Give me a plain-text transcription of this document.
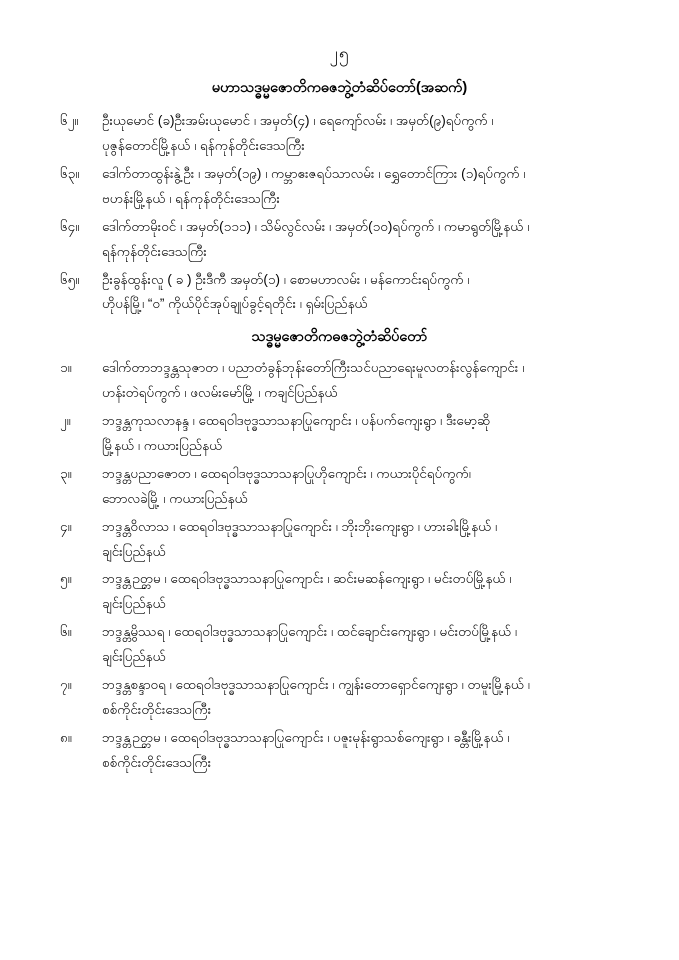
၂၅
မဟာသဒ္ဓမ္မဇောတိကဓဇဘွဲ့တံဆိပ်တော်(အဆက်)
၆၂။	ဦးယုမောင် (ခ)ဦးအမ်းယုမောင် ၊ အမှတ်(၄) ၊ ရေကျော်လမ်း ၊ အမှတ်(၉)ရပ်ကွက် ၊
ပုဇွန်တောင်မြို့နယ် ၊ ရန်ကုန်တိုင်းဒေသကြီး
၆၃။	ဒေါက်တာထွန်းနွဲ့ဦး ၊ အမှတ်(၁၉) ၊ ကမ္ဘာဧးဇရပ်သာလမ်း ၊ ရွှေတောင်ကြား (၁)ရပ်ကွက် ၊
ဗဟန်းမြို့နယ် ၊ ရန်ကုန်တိုင်းဒေသကြီး
၆၄။	ဒေါက်တာမိုးဝင် ၊ အမှတ်(၁၁၁) ၊ သိမ်လွင်လမ်း ၊ အမှတ်(၁၀)ရပ်ကွက် ၊ ကမာရွတ်မြို့နယ် ၊
ရန်ကုန်တိုင်းဒေသကြီး
၆၅။	ဦးခွန်ထွန်းလူ ( ခ ) ဦးဒီကီ အမှတ်(၁) ၊ စောမဟာလမ်း ၊ မန်ကောင်းရပ်ကွက် ၊
ဟိုပန်မြို့၊ “ဝ” ကိုယ်ပိုင်အုပ်ချုပ်ခွင့်ရတိုင်း ၊ ရှမ်းပြည်နယ်
သဒ္ဓမ္မဇောတိကဓဇဘွဲ့တံဆိပ်တော်
၁။	ဒေါက်တာဘဒ္ဒန္တသုဇာတ ၊ ပညာတံခွန်ဘုန်းတော်ကြီးသင်ပညာရေးမူလတန်းလွန်ကျောင်း ၊
ဟန်းတဲရပ်ကွက် ၊ ဖလမ်းမော်မြို့ ၊ ကချင်ပြည်နယ်
၂။	ဘဒ္ဒန္တကုသလာနန္ဒ ၊ ထေရဝါဒဗုဒ္ဓသာသနာပြုကျောင်း ၊ ပန်ပက်ကျေးရွာ ၊ ဒီးမော့ဆို
မြို့နယ် ၊ ကယားပြည်နယ်
၃။	ဘဒ္ဒန္တပညာဇောတ ၊ ထေရဝါဒဗုဒ္ဓသာသနာပြုဟိုကျောင်း ၊ ကယားပိုင်ရပ်ကွက်၊
ဘောလခဲမြို့ ၊ ကယားပြည်နယ်
၄။	ဘဒ္ဒန္တဝိလာသ ၊ ထေရဝါဒဗုဒ္ဓသာသနာပြုကျောင်း ၊ ဘိုးဘိုးကျေးရွာ ၊ ဟားခါးမြို့နယ် ၊
ချင်းပြည်နယ်
၅။	ဘဒ္ဒန္တဉတ္တမ ၊ ထေရဝါဒဗုဒ္ဓသာသနာပြုကျောင်း ၊ ဆင်းမဆန်ကျေးရွာ ၊ မင်းတပ်မြို့နယ် ၊
ချင်းပြည်နယ်
၆။	ဘဒ္ဒန္တမွိဿရ ၊ ထေရဝါဒဗုဒ္ဓသာသနာပြုကျောင်း ၊ ထင်ချောင်းကျေးရွာ ၊ မင်းတပ်မြို့နယ် ၊
ချင်းပြည်နယ်
၇။	ဘဒ္ဒန္တစန္ဒာဝရ ၊ ထေရဝါဒဗုဒ္ဓသာသနာပြုကျောင်း ၊ ကျွန်းတောရှောင်ကျေးရွာ ၊ တမူးမြို့နယ် ၊
စစ်ကိုင်းတိုင်းဒေသကြီး
၈။	ဘဒ္ဒန္တဉတ္တမ ၊ ထေရဝါဒဗုဒ္ဓသာသနာပြုကျောင်း ၊ ပဇူးမုန်းရွာသစ်ကျေးရွာ ၊ ခန္တီးမြို့နယ် ၊
စစ်ကိုင်းတိုင်းဒေသကြီး
